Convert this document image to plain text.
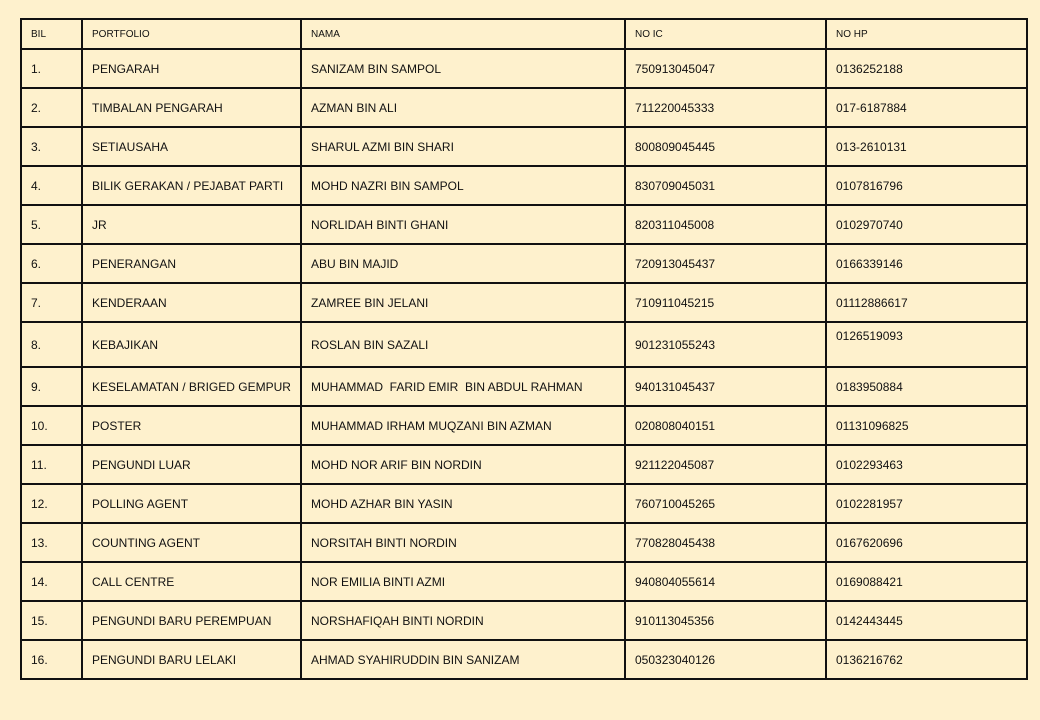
BIL	PORTFOLIO	NAMA	NO IC	NO HP
1.	PENGARAH	SANIZAM BIN SAMPOL	750913045047	0136252188
2.	TIMBALAN PENGARAH	AZMAN BIN ALI	711220045333	017-6187884
3.	SETIAUSAHA	SHARUL AZMI BIN SHARI	800809045445	013-2610131
4.	BILIK GERAKAN / PEJABAT PARTI	MOHD NAZRI BIN SAMPOL	830709045031	0107816796
5.	JR	NORLIDAH BINTI GHANI	820311045008	0102970740
6.	PENERANGAN	ABU BIN MAJID	720913045437	0166339146
7.	KENDERAAN	ZAMREE BIN JELANI	710911045215	01112886617
8.	KEBAJIKAN	ROSLAN BIN SAZALI	901231055243	0126519093
9.	KESELAMATAN / BRIGED GEMPUR	MUHAMMAD  FARID EMIR  BIN ABDUL RAHMAN	940131045437	0183950884
10.	POSTER	MUHAMMAD IRHAM MUQZANI BIN AZMAN	020808040151	01131096825
11.	PENGUNDI LUAR	MOHD NOR ARIF BIN NORDIN	921122045087	0102293463
12.	POLLING AGENT	MOHD AZHAR BIN YASIN	760710045265	0102281957
13.	COUNTING AGENT	NORSITAH BINTI NORDIN	770828045438	0167620696
14.	CALL CENTRE	NOR EMILIA BINTI AZMI	940804055614	0169088421
15.	PENGUNDI BARU PEREMPUAN	NORSHAFIQAH BINTI NORDIN	910113045356	0142443445
16.	PENGUNDI BARU LELAKI	AHMAD SYAHIRUDDIN BIN SANIZAM	050323040126	0136216762
